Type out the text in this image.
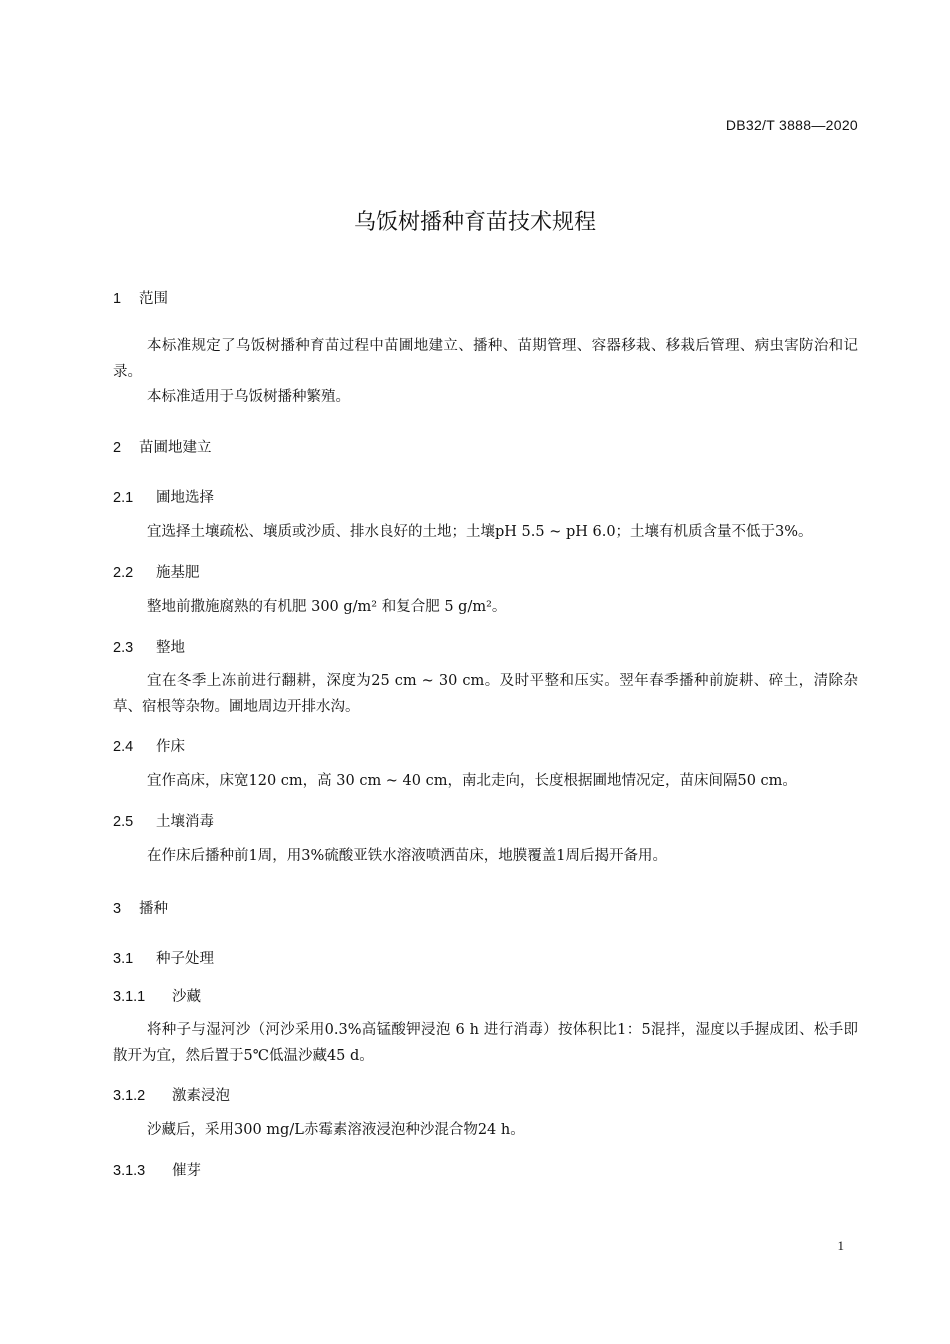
DB32/T 3888—2020
乌饭树播种育苗技术规程
1 范围
本标准规定了乌饭树播种育苗过程中苗圃地建立、播种、苗期管理、容器移栽、移栽后管理、病虫害防治和记录。
本标准适用于乌饭树播种繁殖。
2 苗圃地建立
2.1 圃地选择
宜选择土壤疏松、壤质或沙质、排水良好的土地；土壤pH 5.5 ~ pH 6.0；土壤有机质含量不低于3%。
2.2 施基肥
整地前撒施腐熟的有机肥 300 g/m² 和复合肥 5 g/m²。
2.3 整地
宜在冬季上冻前进行翻耕，深度为25 cm ~ 30 cm。及时平整和压实。翌年春季播种前旋耕、碎土，清除杂草、宿根等杂物。圃地周边开排水沟。
2.4 作床
宜作高床，床宽120 cm，高 30 cm ~ 40 cm，南北走向，长度根据圃地情况定，苗床间隔50 cm。
2.5 土壤消毒
在作床后播种前1周，用3%硫酸亚铁水溶液喷洒苗床，地膜覆盖1周后揭开备用。
3 播种
3.1 种子处理
3.1.1 沙藏
将种子与湿河沙（河沙采用0.3%高锰酸钾浸泡 6 h 进行消毒）按体积比1：5混拌，湿度以手握成团、松手即散开为宜，然后置于5℃低温沙藏45 d。
3.1.2 激素浸泡
沙藏后，采用300 mg/L赤霉素溶液浸泡种沙混合物24 h。
3.1.3 催芽
1
